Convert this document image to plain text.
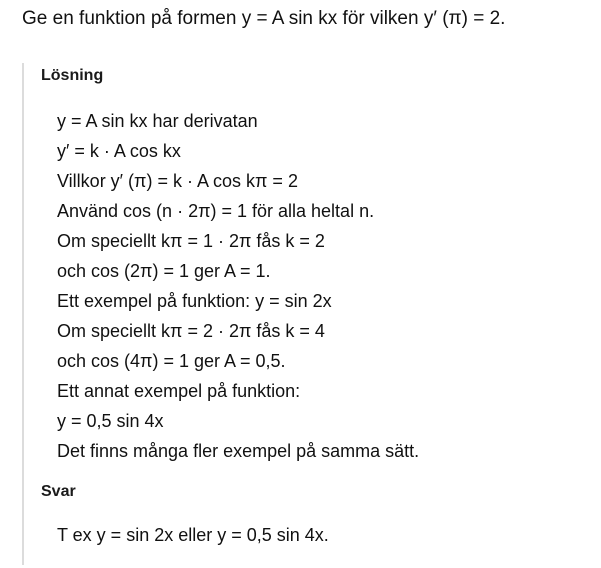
Ge en funktion på formen y = A sin kx för vilken y′ (π) = 2.
Lösning
y = A sin kx har derivatan
y′ = k · A cos kx
Villkor y′ (π) = k · A cos kπ = 2
Använd cos (n · 2π) = 1 för alla heltal n.
Om speciellt kπ = 1 · 2π fås k = 2
och cos (2π) = 1 ger A = 1.
Ett exempel på funktion: y = sin 2x
Om speciellt kπ = 2 · 2π fås k = 4
och cos (4π) = 1 ger A = 0,5.
Ett annat exempel på funktion:
y = 0,5 sin 4x
Det finns många fler exempel på samma sätt.
Svar
T ex y = sin 2x eller y = 0,5 sin 4x.
